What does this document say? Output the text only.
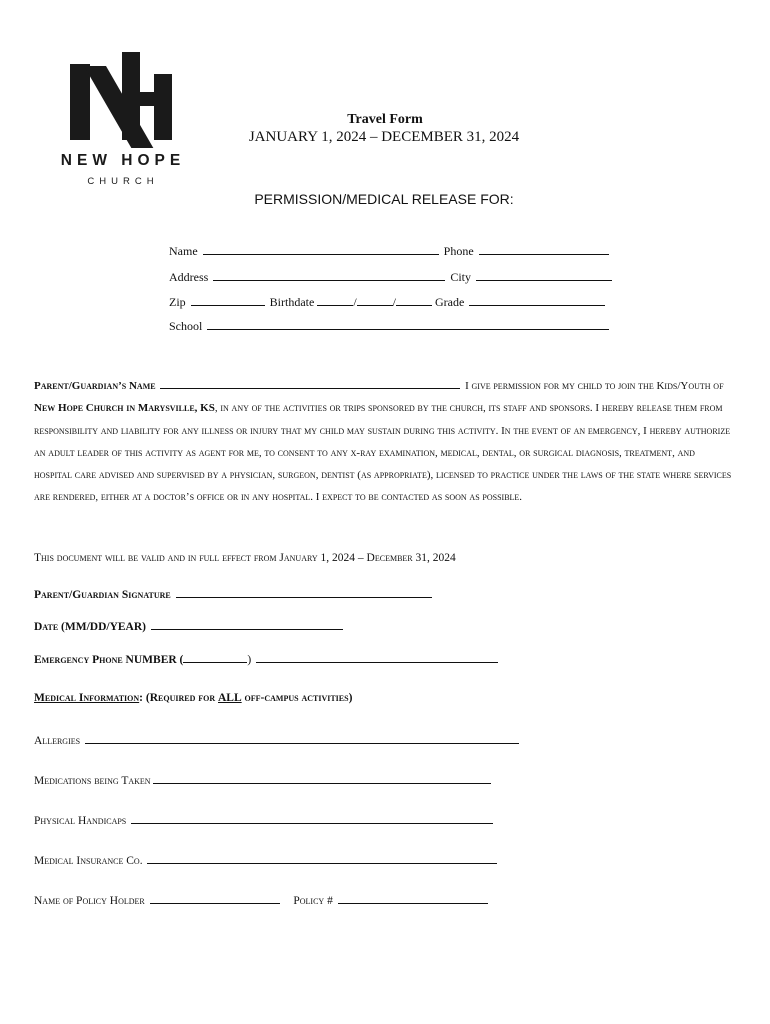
NEW HOPE
CHURCH
Travel Form
JANUARY 1, 2024 – DECEMBER 31, 2024
PERMISSION/MEDICAL RELEASE FOR:
Name	Phone
Address	City
Zip	Birthdate	/	/	Grade
School
Parent/Guardian’s Name	I give permission for my child to join the Kids/Youth of New Hope Church in Marysville, KS, in any of the activities or trips sponsored by the church, its staff and sponsors. I hereby release them from responsibility and liability for any illness or injury that my child may sustain during this activity. In the event of an emergency, I hereby authorize an adult leader of this activity as agent for me, to consent to any x-ray examination, medical, dental, or surgical diagnosis, treatment, and hospital care advised and supervised by a physician, surgeon, dentist (as appropriate), licensed to practice under the laws of the state where services are rendered, either at a doctor’s office or in any hospital. I expect to be contacted as soon as possible.
This document will be valid and in full effect from January 1, 2024 – December 31, 2024
Parent/Guardian Signature
Date (MM/DD/YEAR)
Emergency Phone NUMBER (	)
Medical Information: (Required for ALL off-campus activities)
Allergies
Medications being Taken
Physical Handicaps
Medical Insurance Co.
Name of Policy Holder	Policy #
